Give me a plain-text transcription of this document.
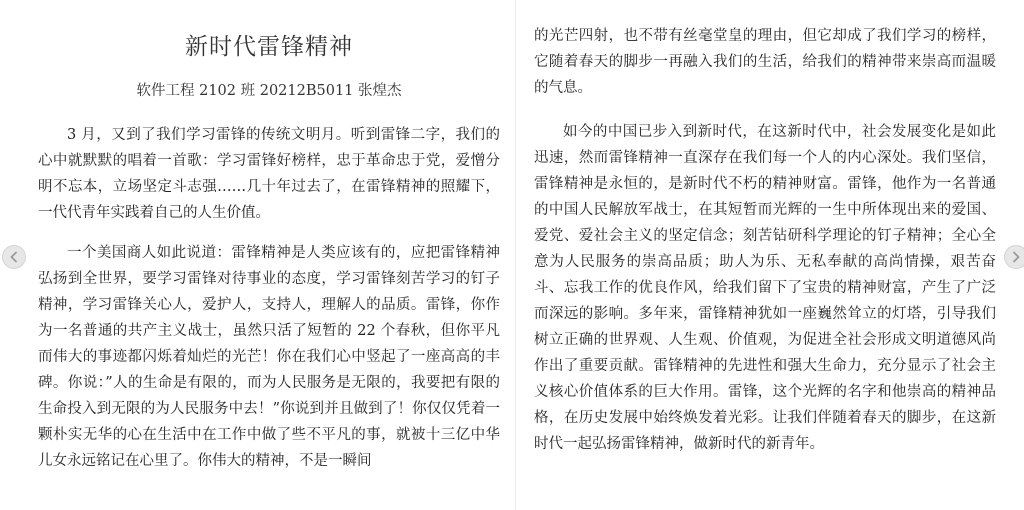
新时代雷锋精神
软件工程 2102 班 20212B5011 张煌杰

3 月，又到了我们学习雷锋的传统文明月。听到雷锋二字，我们的心中就默默的唱着一首歌：学习雷锋好榜样，忠于革命忠于党，爱憎分明不忘本，立场坚定斗志强……几十年过去了，在雷锋精神的照耀下，一代代青年实践着自己的人生价值。

一个美国商人如此说道：雷锋精神是人类应该有的，应把雷锋精神弘扬到全世界，要学习雷锋对待事业的态度，学习雷锋刻苦学习的钉子精神，学习雷锋关心人，爱护人，支持人，理解人的品质。雷锋，你作为一名普通的共产主义战士，虽然只活了短暂的 22 个春秋，但你平凡而伟大的事迹都闪烁着灿烂的光芒！你在我们心中竖起了一座高高的丰碑。你说：”人的生命是有限的，而为人民服务是无限的，我要把有限的生命投入到无限的为人民服务中去！”你说到并且做到了！你仅仅凭着一颗朴实无华的心在生活中在工作中做了些不平凡的事，就被十三亿中华儿女永远铭记在心里了。你伟大的精神，不是一瞬间

的光芒四射，也不带有丝毫堂皇的理由，但它却成了我们学习的榜样，它随着春天的脚步一再融入我们的生活，给我们的精神带来崇高而温暖的气息。

如今的中国已步入到新时代，在这新时代中，社会发展变化是如此迅速，然而雷锋精神一直深存在我们每一个人的内心深处。我们坚信，雷锋精神是永恒的，是新时代不朽的精神财富。雷锋，他作为一名普通的中国人民解放军战士，在其短暂而光辉的一生中所体现出来的爱国、爱党、爱社会主义的坚定信念；刻苦钻研科学理论的钉子精神；全心全意为人民服务的崇高品质；助人为乐、无私奉献的高尚情操，艰苦奋斗、忘我工作的优良作风，给我们留下了宝贵的精神财富，产生了广泛而深远的影响。多年来，雷锋精神犹如一座巍然耸立的灯塔，引导我们树立正确的世界观、人生观、价值观，为促进全社会形成文明道德风尚作出了重要贡献。雷锋精神的先进性和强大生命力，充分显示了社会主义核心价值体系的巨大作用。雷锋，这个光辉的名字和他崇高的精神品格，在历史发展中始终焕发着光彩。让我们伴随着春天的脚步，在这新时代一起弘扬雷锋精神，做新时代的新青年。
